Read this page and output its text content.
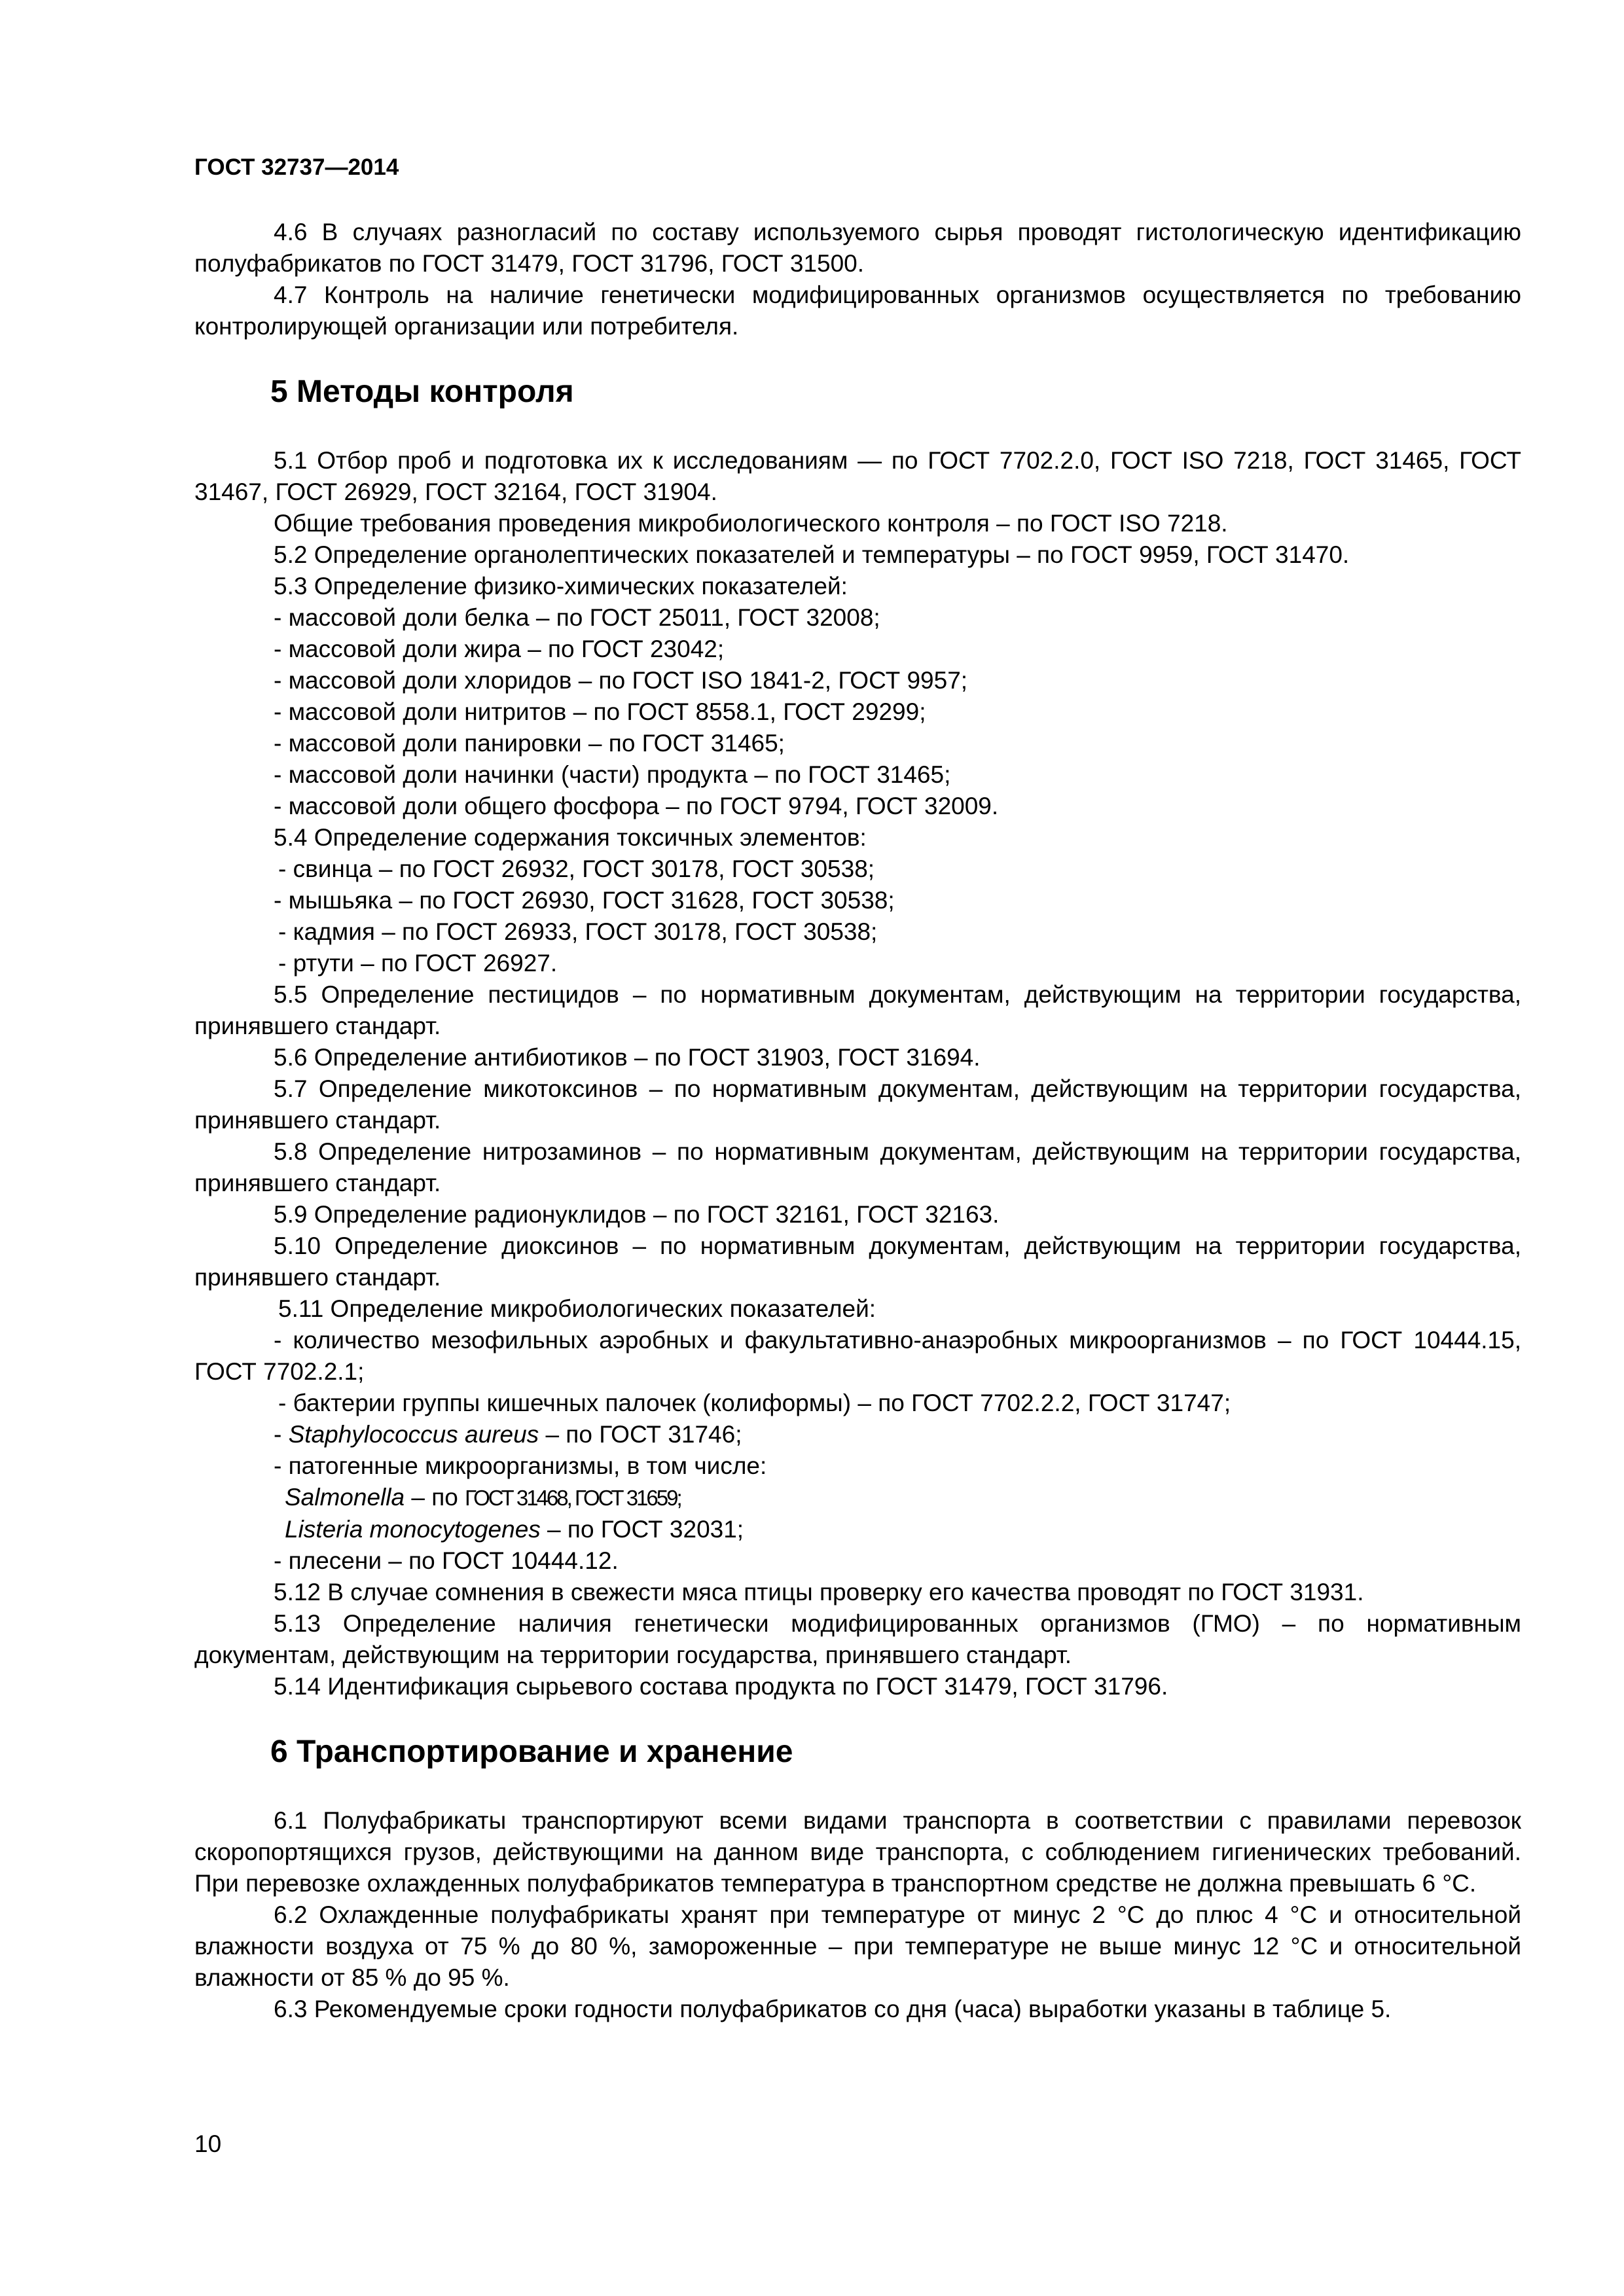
ГОСТ 32737—2014

4.6 В случаях разногласий по составу используемого сырья проводят гистологическую идентификацию полуфабрикатов по ГОСТ 31479, ГОСТ 31796, ГОСТ 31500.

4.7 Контроль на наличие генетически модифицированных организмов осуществляется по требованию контролирующей организации или потребителя.

5 Методы контроля

5.1 Отбор проб и подготовка их к исследованиям — по ГОСТ 7702.2.0, ГОСТ ISO 7218, ГОСТ 31465, ГОСТ 31467, ГОСТ 26929, ГОСТ 32164, ГОСТ 31904.

Общие требования проведения микробиологического контроля – по ГОСТ ISO 7218.

5.2 Определение органолептических показателей и температуры – по ГОСТ 9959, ГОСТ 31470.

5.3 Определение физико-химических показателей:

- массовой доли белка – по ГОСТ 25011, ГОСТ 32008;

- массовой доли жира – по ГОСТ 23042;

- массовой доли хлоридов – по ГОСТ ISO 1841-2, ГОСТ 9957;

- массовой доли нитритов – по ГОСТ 8558.1, ГОСТ 29299;

- массовой доли панировки – по ГОСТ 31465;

- массовой доли начинки (части) продукта – по ГОСТ 31465;

- массовой доли общего фосфора – по ГОСТ 9794, ГОСТ 32009.

5.4 Определение содержания токсичных элементов:

- свинца – по ГОСТ 26932, ГОСТ 30178, ГОСТ 30538;

- мышьяка – по ГОСТ 26930, ГОСТ 31628, ГОСТ 30538;

- кадмия – по ГОСТ 26933, ГОСТ 30178, ГОСТ 30538;

- ртути – по ГОСТ 26927.

5.5 Определение пестицидов – по нормативным документам, действующим на территории государства, принявшего стандарт.

5.6 Определение антибиотиков – по ГОСТ 31903, ГОСТ 31694.

5.7 Определение микотоксинов – по нормативным документам, действующим на территории государства, принявшего стандарт.

5.8 Определение нитрозаминов – по нормативным документам, действующим на территории государства, принявшего стандарт.

5.9 Определение радионуклидов – по ГОСТ 32161, ГОСТ 32163.

5.10 Определение диоксинов – по нормативным документам, действующим на территории государства, принявшего стандарт.

5.11 Определение микробиологических показателей:

- количество мезофильных аэробных и факультативно-анаэробных микроорганизмов – по ГОСТ 10444.15, ГОСТ 7702.2.1;

- бактерии группы кишечных палочек (колиформы) – по ГОСТ 7702.2.2, ГОСТ 31747;

- Staphylococcus aureus – по ГОСТ 31746;

- патогенные микроорганизмы, в том числе:

Salmonella – по ГОСТ 31468, ГОСТ 31659;

Listeria monocytogenes – по ГОСТ 32031;

- плесени – по ГОСТ 10444.12.

5.12 В случае сомнения в свежести мяса птицы проверку его качества проводят по ГОСТ 31931.

5.13 Определение наличия генетически модифицированных организмов (ГМО) – по нормативным документам, действующим на территории государства, принявшего стандарт.

5.14 Идентификация сырьевого состава продукта по ГОСТ 31479, ГОСТ 31796.

6 Транспортирование и хранение

6.1 Полуфабрикаты транспортируют всеми видами транспорта в соответствии с правилами перевозок скоропортящихся грузов, действующими на данном виде транспорта, с соблюдением гигиенических требований. При перевозке охлажденных полуфабрикатов температура в транспортном средстве не должна превышать 6 °С.

6.2 Охлажденные полуфабрикаты хранят при температуре от минус 2 °С до плюс 4 °С и относительной влажности воздуха от 75 % до 80 %, замороженные – при температуре не выше минус 12 °С и относительной влажности от 85 % до 95 %.

6.3 Рекомендуемые сроки годности полуфабрикатов со дня (часа) выработки указаны в таблице 5.

10
